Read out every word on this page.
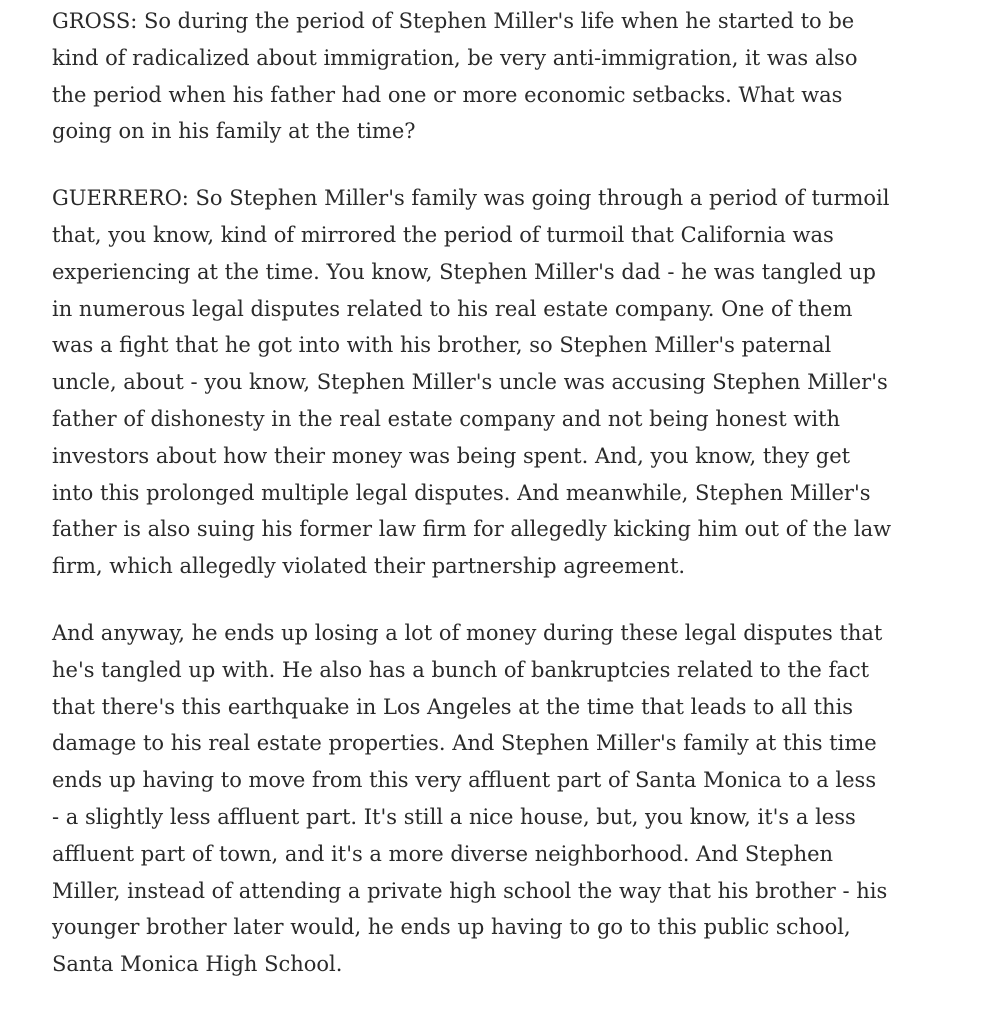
GROSS: So during the period of Stephen Miller's life when he started to be
kind of radicalized about immigration, be very anti-immigration, it was also
the period when his father had one or more economic setbacks. What was
going on in his family at the time?

GUERRERO: So Stephen Miller's family was going through a period of turmoil
that, you know, kind of mirrored the period of turmoil that California was
experiencing at the time. You know, Stephen Miller's dad - he was tangled up
in numerous legal disputes related to his real estate company. One of them
was a fight that he got into with his brother, so Stephen Miller's paternal
uncle, about - you know, Stephen Miller's uncle was accusing Stephen Miller's
father of dishonesty in the real estate company and not being honest with
investors about how their money was being spent. And, you know, they get
into this prolonged multiple legal disputes. And meanwhile, Stephen Miller's
father is also suing his former law firm for allegedly kicking him out of the law
firm, which allegedly violated their partnership agreement.

And anyway, he ends up losing a lot of money during these legal disputes that
he's tangled up with. He also has a bunch of bankruptcies related to the fact
that there's this earthquake in Los Angeles at the time that leads to all this
damage to his real estate properties. And Stephen Miller's family at this time
ends up having to move from this very affluent part of Santa Monica to a less
- a slightly less affluent part. It's still a nice house, but, you know, it's a less
affluent part of town, and it's a more diverse neighborhood. And Stephen
Miller, instead of attending a private high school the way that his brother - his
younger brother later would, he ends up having to go to this public school,
Santa Monica High School.
